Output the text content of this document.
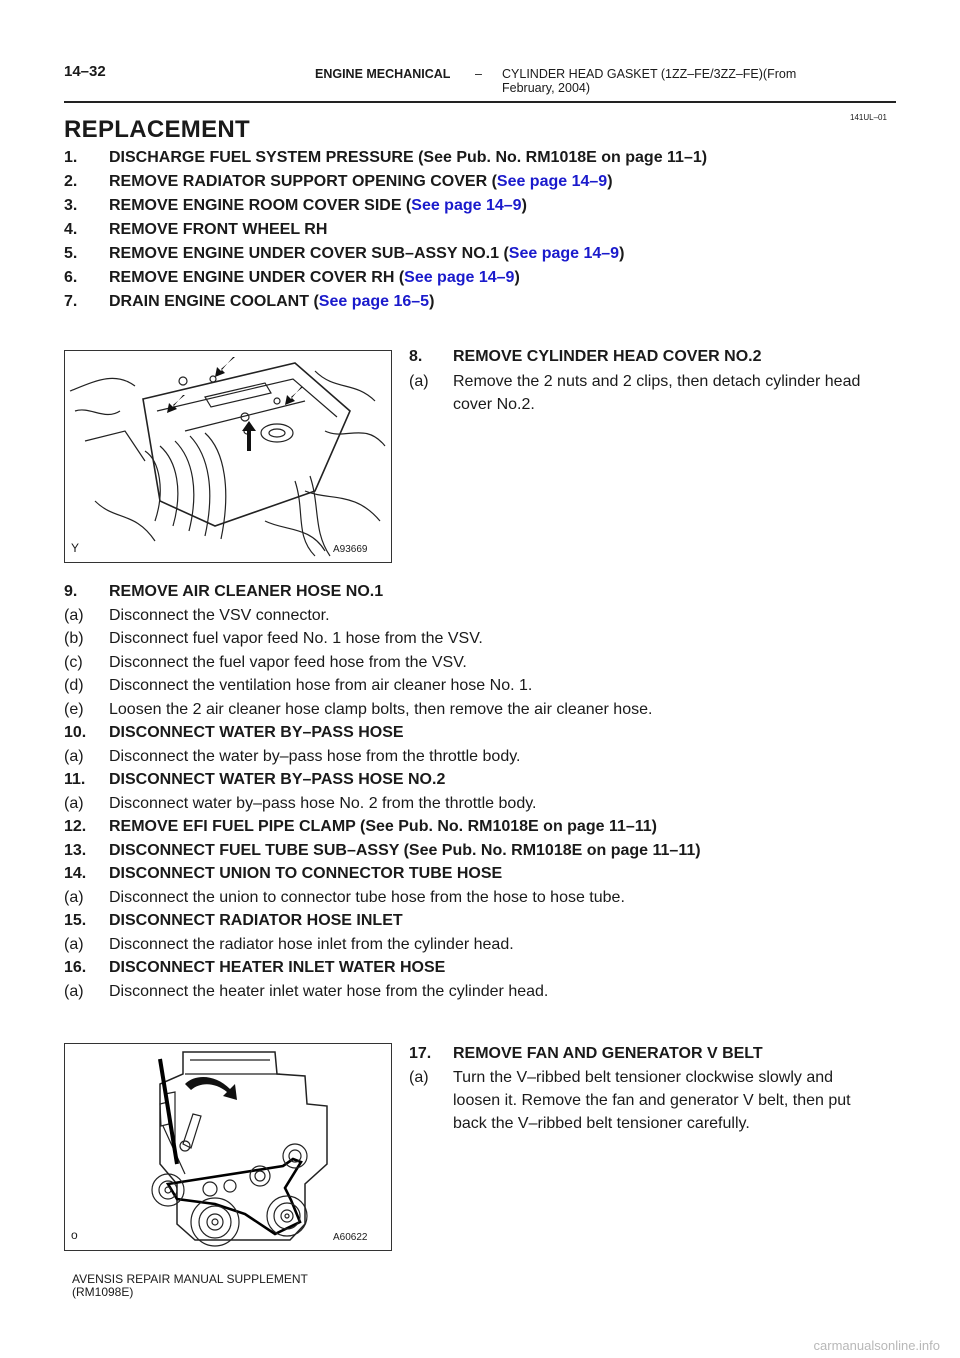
14–32	ENGINE MECHANICAL – CYLINDER HEAD GASKET (1ZZ–FE/3ZZ–FE)(From
February, 2004)
141UL–01
REPLACEMENT
1. DISCHARGE FUEL SYSTEM PRESSURE (See Pub. No. RM1018E on page 11–1)
2. REMOVE RADIATOR SUPPORT OPENING COVER (See page 14–9)
3. REMOVE ENGINE ROOM COVER SIDE (See page 14–9)
4. REMOVE FRONT WHEEL RH
5. REMOVE ENGINE UNDER COVER SUB–ASSY NO.1 (See page 14–9)
6. REMOVE ENGINE UNDER COVER RH (See page 14–9)
7. DRAIN ENGINE COOLANT (See page 16–5)
Y	A93669
8. REMOVE CYLINDER HEAD COVER NO.2
(a) Remove the 2 nuts and 2 clips, then detach cylinder head
cover No.2.
9. REMOVE AIR CLEANER HOSE NO.1
(a) Disconnect the VSV connector.
(b) Disconnect fuel vapor feed No. 1 hose from the VSV.
(c) Disconnect the fuel vapor feed hose from the VSV.
(d) Disconnect the ventilation hose from air cleaner hose No. 1.
(e) Loosen the 2 air cleaner hose clamp bolts, then remove the air cleaner hose.
10. DISCONNECT WATER BY–PASS HOSE
(a) Disconnect the water by–pass hose from the throttle body.
11. DISCONNECT WATER BY–PASS HOSE NO.2
(a) Disconnect water by–pass hose No. 2 from the throttle body.
12. REMOVE EFI FUEL PIPE CLAMP (See Pub. No. RM1018E on page 11–11)
13. DISCONNECT FUEL TUBE SUB–ASSY (See Pub. No. RM1018E on page 11–11)
14. DISCONNECT UNION TO CONNECTOR TUBE HOSE
(a) Disconnect the union to connector tube hose from the hose to hose tube.
15. DISCONNECT RADIATOR HOSE INLET
(a) Disconnect the radiator hose inlet from the cylinder head.
16. DISCONNECT HEATER INLET WATER HOSE
(a) Disconnect the heater inlet water hose from the cylinder head.
o	A60622
17. REMOVE FAN AND GENERATOR V BELT
(a) Turn the V–ribbed belt tensioner clockwise slowly and
loosen it. Remove the fan and generator V belt, then put
back the V–ribbed belt tensioner carefully.
AVENSIS REPAIR MANUAL SUPPLEMENT
(RM1098E)
carmanualsonline.info
